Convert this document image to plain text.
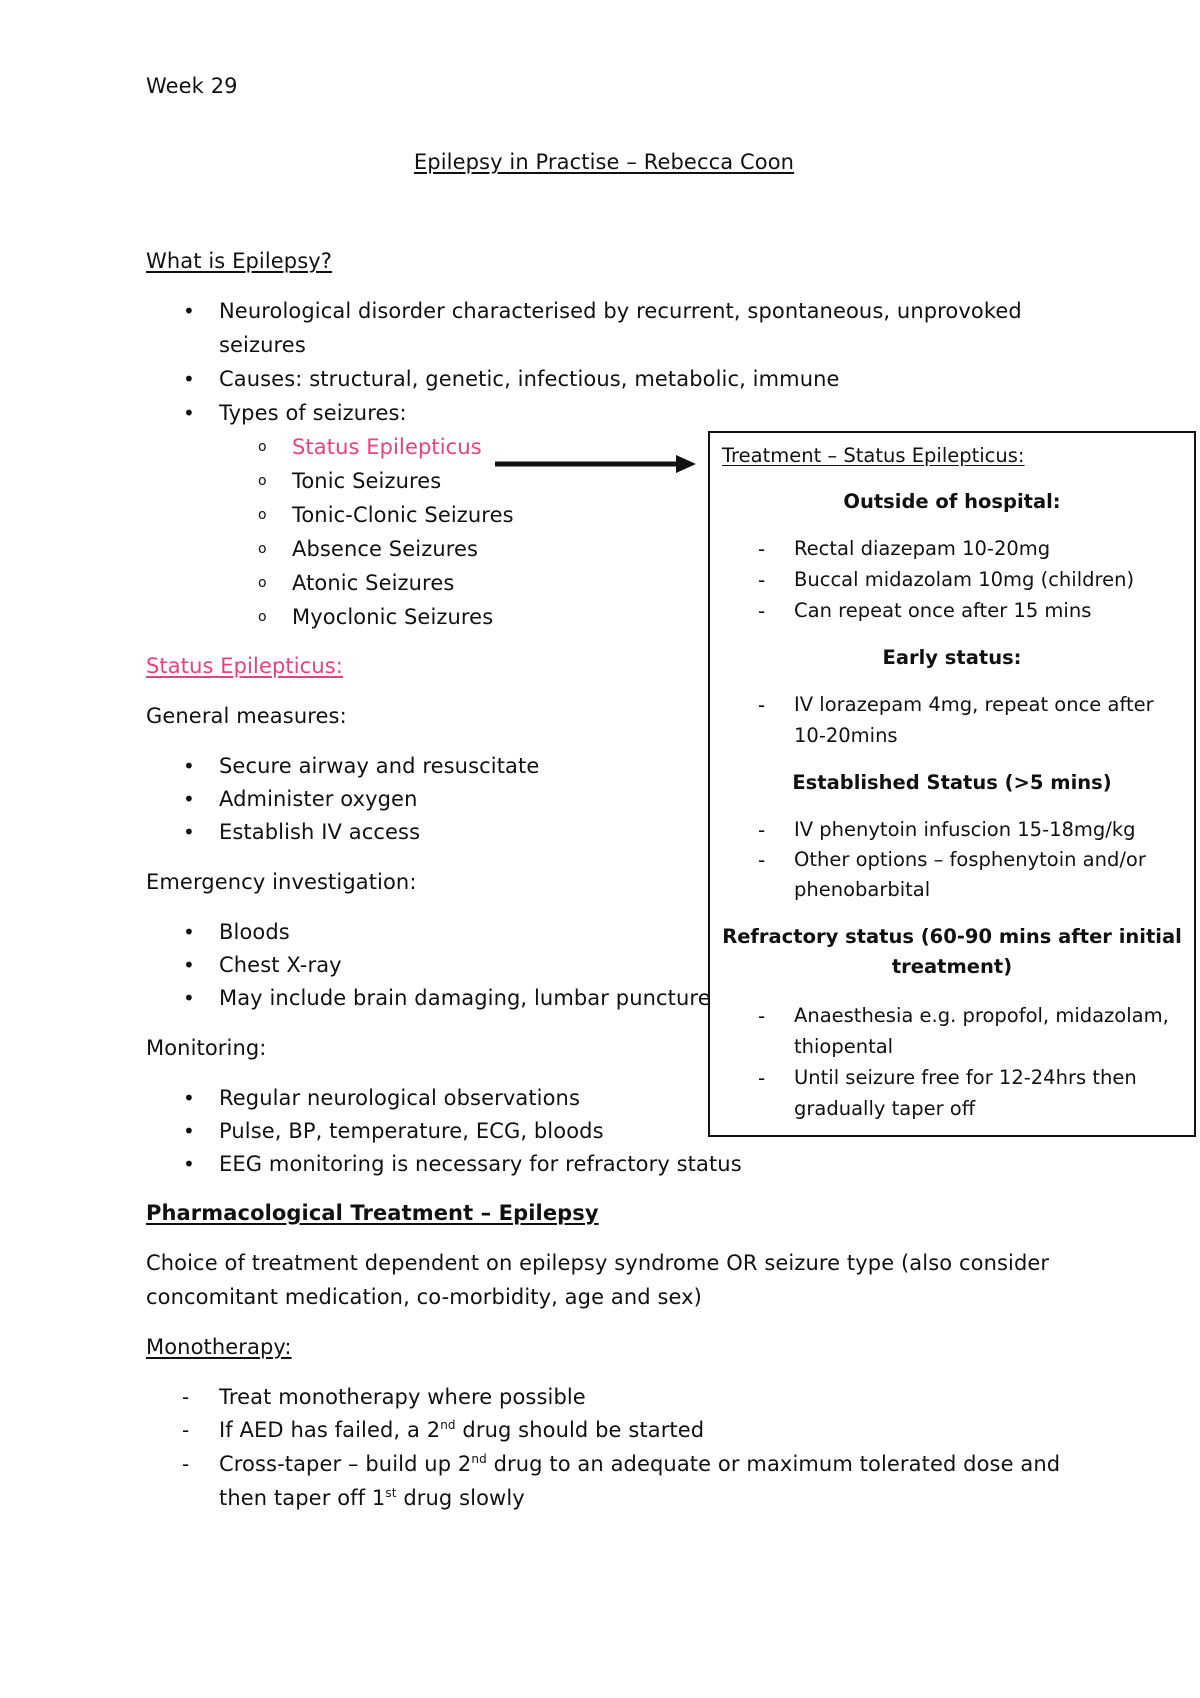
Week 29
Epilepsy in Practise – Rebecca Coon
What is Epilepsy?
• Neurological disorder characterised by recurrent, spontaneous, unprovoked
seizures
• Causes: structural, genetic, infectious, metabolic, immune
• Types of seizures:
o Status Epilepticus
o Tonic Seizures
o Tonic-Clonic Seizures
o Absence Seizures
o Atonic Seizures
o Myoclonic Seizures
Status Epilepticus:
General measures:
• Secure airway and resuscitate
• Administer oxygen
• Establish IV access
Emergency investigation:
• Bloods
• Chest X-ray
• May include brain damaging, lumbar puncture
Monitoring:
• Regular neurological observations
• Pulse, BP, temperature, ECG, bloods
• EEG monitoring is necessary for refractory status
Treatment – Status Epilepticus:
Outside of hospital:
- Rectal diazepam 10-20mg
- Buccal midazolam 10mg (children)
- Can repeat once after 15 mins
Early status:
- IV lorazepam 4mg, repeat once after
10-20mins
Established Status (>5 mins)
- IV phenytoin infuscion 15-18mg/kg
- Other options – fosphenytoin and/or
phenobarbital
Refractory status (60-90 mins after initial
treatment)
- Anaesthesia e.g. propofol, midazolam,
thiopental
- Until seizure free for 12-24hrs then
gradually taper off
Pharmacological Treatment – Epilepsy
Choice of treatment dependent on epilepsy syndrome OR seizure type (also consider
concomitant medication, co-morbidity, age and sex)
Monotherapy:
- Treat monotherapy where possible
- If AED has failed, a 2nd drug should be started
- Cross-taper – build up 2nd drug to an adequate or maximum tolerated dose and
then taper off 1st drug slowly
